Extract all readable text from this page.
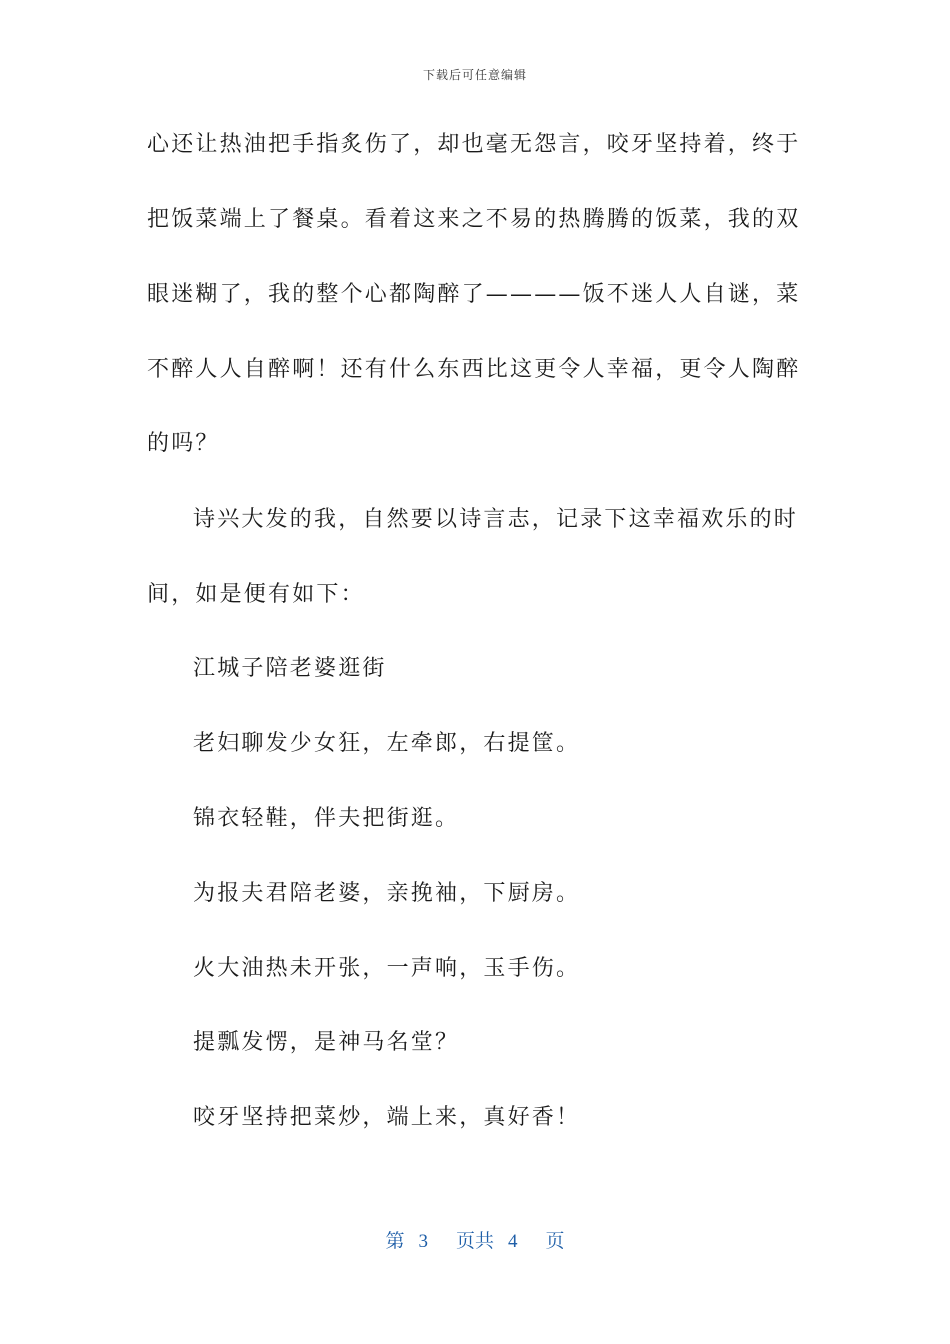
下载后可任意编辑
心还让热油把手指炙伤了，却也毫无怨言，咬牙坚持着，终于
把饭菜端上了餐桌。看着这来之不易的热腾腾的饭菜，我的双
眼迷糊了，我的整个心都陶醉了————饭不迷人人自谜，菜
不醉人人自醉啊！还有什么东西比这更令人幸福，更令人陶醉
的吗？
诗兴大发的我，自然要以诗言志，记录下这幸福欢乐的时
间，如是便有如下：
江城子陪老婆逛街
老妇聊发少女狂，左牵郎，右提筐。
锦衣轻鞋，伴夫把街逛。
为报夫君陪老婆，亲挽袖，下厨房。
火大油热未开张，一声响，玉手伤。
提瓢发愣，是神马名堂？
咬牙坚持把菜炒，端上来，真好香！
第 3 页共 4 页
